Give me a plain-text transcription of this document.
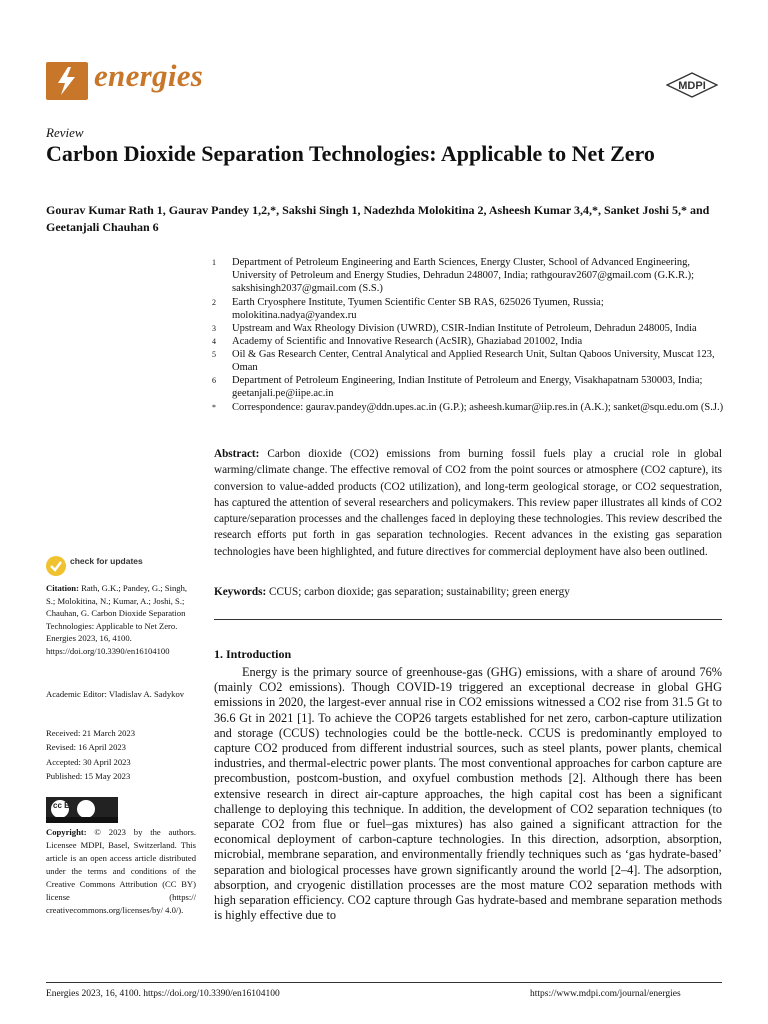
energies	MDPI
Review
Carbon Dioxide Separation Technologies: Applicable to Net Zero
Gourav Kumar Rath 1, Gaurav Pandey 1,2,*, Sakshi Singh 1, Nadezhda Molokitina 2, Asheesh Kumar 3,4,*, Sanket Joshi 5,* and Geetanjali Chauhan 6
1	Department of Petroleum Engineering and Earth Sciences, Energy Cluster, School of Advanced Engineering, University of Petroleum and Energy Studies, Dehradun 248007, India; rathgourav2607@gmail.com (G.K.R.); sakshisingh2037@gmail.com (S.S.)
2	Earth Cryosphere Institute, Tyumen Scientific Center SB RAS, 625026 Tyumen, Russia; molokitina.nadya@yandex.ru
3	Upstream and Wax Rheology Division (UWRD), CSIR-Indian Institute of Petroleum, Dehradun 248005, India
4	Academy of Scientific and Innovative Research (AcSIR), Ghaziabad 201002, India
5	Oil & Gas Research Center, Central Analytical and Applied Research Unit, Sultan Qaboos University, Muscat 123, Oman
6	Department of Petroleum Engineering, Indian Institute of Petroleum and Energy, Visakhapatnam 530003, India; geetanjali.pe@iipe.ac.in
*	Correspondence: gaurav.pandey@ddn.upes.ac.in (G.P.); asheesh.kumar@iip.res.in (A.K.); sanket@squ.edu.om (S.J.)
Abstract: Carbon dioxide (CO2) emissions from burning fossil fuels play a crucial role in global warming/climate change. The effective removal of CO2 from the point sources or atmosphere (CO2 capture), its conversion to value-added products (CO2 utilization), and long-term geological storage, or CO2 sequestration, has captured the attention of several researchers and policymakers. This review paper illustrates all kinds of CO2 capture/separation processes and the challenges faced in deploying these technologies. This review described the research efforts put forth in gas separation technologies. Recent advances in the existing gas separation technologies have been highlighted, and future directives for commercial deployment have also been outlined.
Keywords: CCUS; carbon dioxide; gas separation; sustainability; green energy
1. Introduction

Energy is the primary source of greenhouse-gas (GHG) emissions, with a share of around 76% (mainly CO2 emissions). Though COVID-19 triggered an exceptional decrease in global GHG emissions in 2020, the largest-ever annual rise in CO2 emissions witnessed a CO2 rise from 31.5 Gt to 36.6 Gt in 2021 [1]. To achieve the COP26 targets established for net zero, carbon-capture utilization and storage (CCUS) technologies could be the bottle-neck. CCUS is predominantly employed to capture CO2 produced from different industrial sources, such as steel plants, power plants, chemical industries, and thermal-electric power plants. The most conventional approaches for carbon capture are precombustion, postcom-bustion, and oxyfuel combustion methods [2]. Although there has been extensive research in direct air-capture approaches, the high capital cost has been a significant challenge to deploying this technique. In addition, the development of CO2 separation techniques (to separate CO2 from flue or fuel–gas mixtures) has also gained a significant attraction for the economical deployment of carbon-capture technologies. In this direction, adsorption, absorption, microbial, membrane separation, and environmentally friendly techniques such as ‘gas hydrate-based’ separation and biological processes have grown significantly around the world [2–4]. The adsorption, absorption, and cryogenic distillation processes are the most mature CO2 separation methods with high separation efficiency. CO2 capture through Gas hydrate-based and membrane separation methods is highly effective due to

check for updates
Citation: Rath, G.K.; Pandey, G.; Singh, S.; Molokitina, N.; Kumar, A.; Joshi, S.; Chauhan, G. Carbon Dioxide Separation Technologies: Applicable to Net Zero. Energies 2023, 16, 4100. https://doi.org/10.3390/en16104100
Academic Editor: Vladislav A. Sadykov
Received: 21 March 2023
Revised: 16 April 2023
Accepted: 30 April 2023
Published: 15 May 2023
cc BY
Copyright: © 2023 by the authors. Licensee MDPI, Basel, Switzerland. This article is an open access article distributed under the terms and conditions of the Creative Commons Attribution (CC BY) license (https:// creativecommons.org/licenses/by/ 4.0/).
Energies 2023, 16, 4100. https://doi.org/10.3390/en16104100	https://www.mdpi.com/journal/energies
